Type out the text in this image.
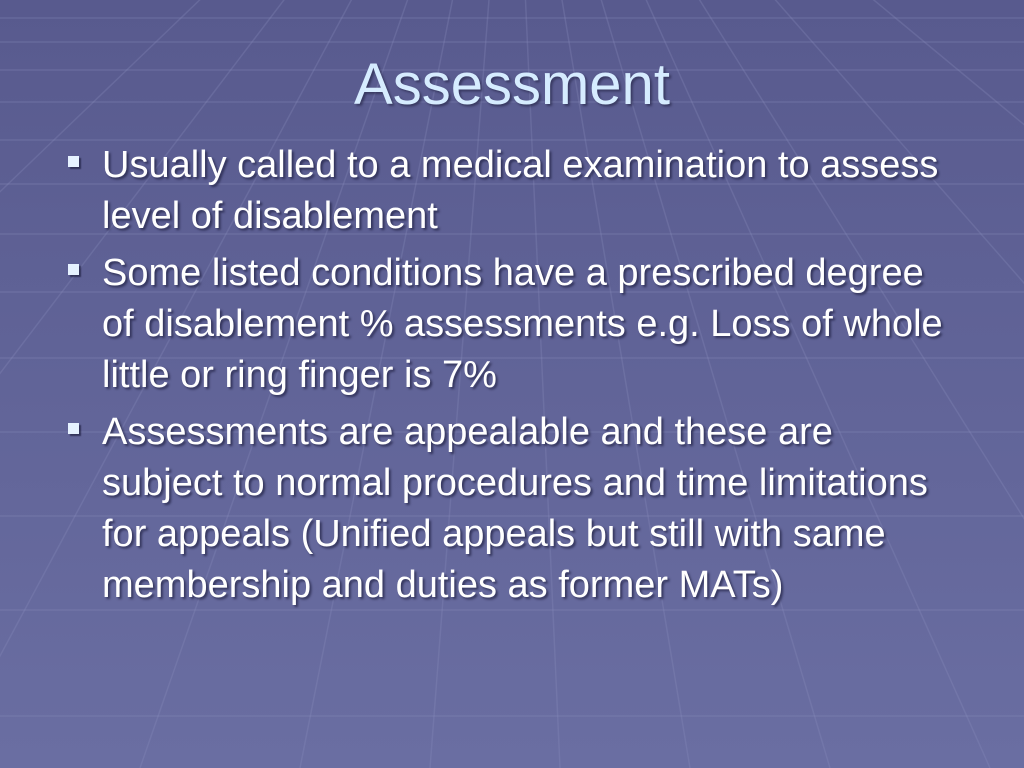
Assessment
Usually called to a medical examination to assess level of disablement
Some listed conditions have a prescribed degree of disablement % assessments e.g. Loss of whole little or ring finger is 7%
Assessments are appealable and these are subject to normal procedures and time limitations for appeals (Unified appeals but still with same membership and duties as former MATs)
